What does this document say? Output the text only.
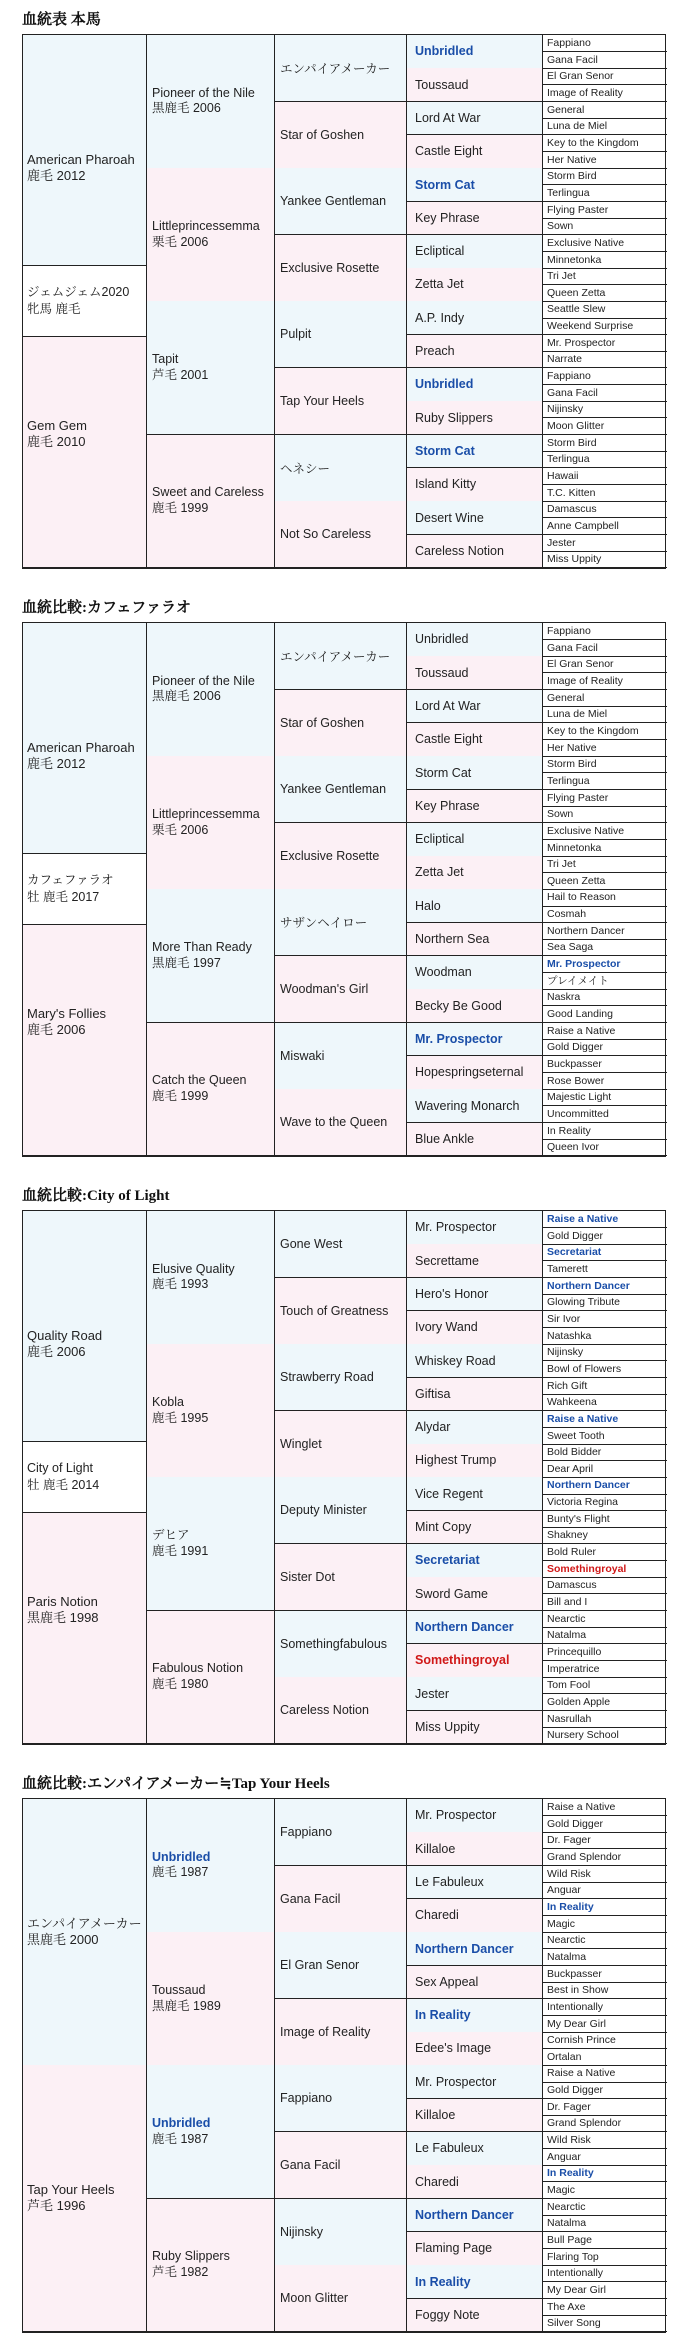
血統表 本馬
American Pharoah
鹿毛 2012
Gem Gem
鹿毛 2010
Pioneer of the Nile
黒鹿毛 2006
Littleprincessemma
栗毛 2006
Tapit
芦毛 2001
Sweet and Careless
鹿毛 1999
エンパイアメーカー
Star of Goshen
Yankee Gentleman
Exclusive Rosette
Pulpit
Tap Your Heels
ヘネシー
Not So Careless
Unbridled
Toussaud
Lord At War
Castle Eight
Storm Cat
Key Phrase
Ecliptical
Zetta Jet
A.P. Indy
Preach
Unbridled
Ruby Slippers
Storm Cat
Island Kitty
Desert Wine
Careless Notion
Fappiano
Gana Facil
El Gran Senor
Image of Reality
General
Luna de Miel
Key to the Kingdom
Her Native
Storm Bird
Terlingua
Flying Paster
Sown
Exclusive Native
Minnetonka
Tri Jet
Queen Zetta
Seattle Slew
Weekend Surprise
Mr. Prospector
Narrate
Fappiano
Gana Facil
Nijinsky
Moon Glitter
Storm Bird
Terlingua
Hawaii
T.C. Kitten
Damascus
Anne Campbell
Jester
Miss Uppity
ジェムジェム2020
牝馬 鹿毛
血統比較:カフェファラオ
American Pharoah
鹿毛 2012
Mary's Follies
鹿毛 2006
Pioneer of the Nile
黒鹿毛 2006
Littleprincessemma
栗毛 2006
More Than Ready
黒鹿毛 1997
Catch the Queen
鹿毛 1999
エンパイアメーカー
Star of Goshen
Yankee Gentleman
Exclusive Rosette
サザンヘイロー
Woodman's Girl
Miswaki
Wave to the Queen
Unbridled
Toussaud
Lord At War
Castle Eight
Storm Cat
Key Phrase
Ecliptical
Zetta Jet
Halo
Northern Sea
Woodman
Becky Be Good
Mr. Prospector
Hopespringseternal
Wavering Monarch
Blue Ankle
Fappiano
Gana Facil
El Gran Senor
Image of Reality
General
Luna de Miel
Key to the Kingdom
Her Native
Storm Bird
Terlingua
Flying Paster
Sown
Exclusive Native
Minnetonka
Tri Jet
Queen Zetta
Hail to Reason
Cosmah
Northern Dancer
Sea Saga
Mr. Prospector
プレイメイト
Naskra
Good Landing
Raise a Native
Gold Digger
Buckpasser
Rose Bower
Majestic Light
Uncommitted
In Reality
Queen Ivor
カフェファラオ
牡 鹿毛 2017
血統比較:City of Light
Quality Road
鹿毛 2006
Paris Notion
黒鹿毛 1998
Elusive Quality
鹿毛 1993
Kobla
鹿毛 1995
デヒア
鹿毛 1991
Fabulous Notion
鹿毛 1980
Gone West
Touch of Greatness
Strawberry Road
Winglet
Deputy Minister
Sister Dot
Somethingfabulous
Careless Notion
Mr. Prospector
Secrettame
Hero's Honor
Ivory Wand
Whiskey Road
Giftisa
Alydar
Highest Trump
Vice Regent
Mint Copy
Secretariat
Sword Game
Northern Dancer
Somethingroyal
Jester
Miss Uppity
Raise a Native
Gold Digger
Secretariat
Tamerett
Northern Dancer
Glowing Tribute
Sir Ivor
Natashka
Nijinsky
Bowl of Flowers
Rich Gift
Wahkeena
Raise a Native
Sweet Tooth
Bold Bidder
Dear April
Northern Dancer
Victoria Regina
Bunty's Flight
Shakney
Bold Ruler
Somethingroyal
Damascus
Bill and I
Nearctic
Natalma
Princequillo
Imperatrice
Tom Fool
Golden Apple
Nasrullah
Nursery School
City of Light
牡 鹿毛 2014
血統比較:エンパイアメーカー≒Tap Your Heels
エンパイアメーカー
黒鹿毛 2000
Tap Your Heels
芦毛 1996
Unbridled
鹿毛 1987
Toussaud
黒鹿毛 1989
Unbridled
鹿毛 1987
Ruby Slippers
芦毛 1982
Fappiano
Gana Facil
El Gran Senor
Image of Reality
Fappiano
Gana Facil
Nijinsky
Moon Glitter
Mr. Prospector
Killaloe
Le Fabuleux
Charedi
Northern Dancer
Sex Appeal
In Reality
Edee's Image
Mr. Prospector
Killaloe
Le Fabuleux
Charedi
Northern Dancer
Flaming Page
In Reality
Foggy Note
Raise a Native
Gold Digger
Dr. Fager
Grand Splendor
Wild Risk
Anguar
In Reality
Magic
Nearctic
Natalma
Buckpasser
Best in Show
Intentionally
My Dear Girl
Cornish Prince
Ortalan
Raise a Native
Gold Digger
Dr. Fager
Grand Splendor
Wild Risk
Anguar
In Reality
Magic
Nearctic
Natalma
Bull Page
Flaring Top
Intentionally
My Dear Girl
The Axe
Silver Song
